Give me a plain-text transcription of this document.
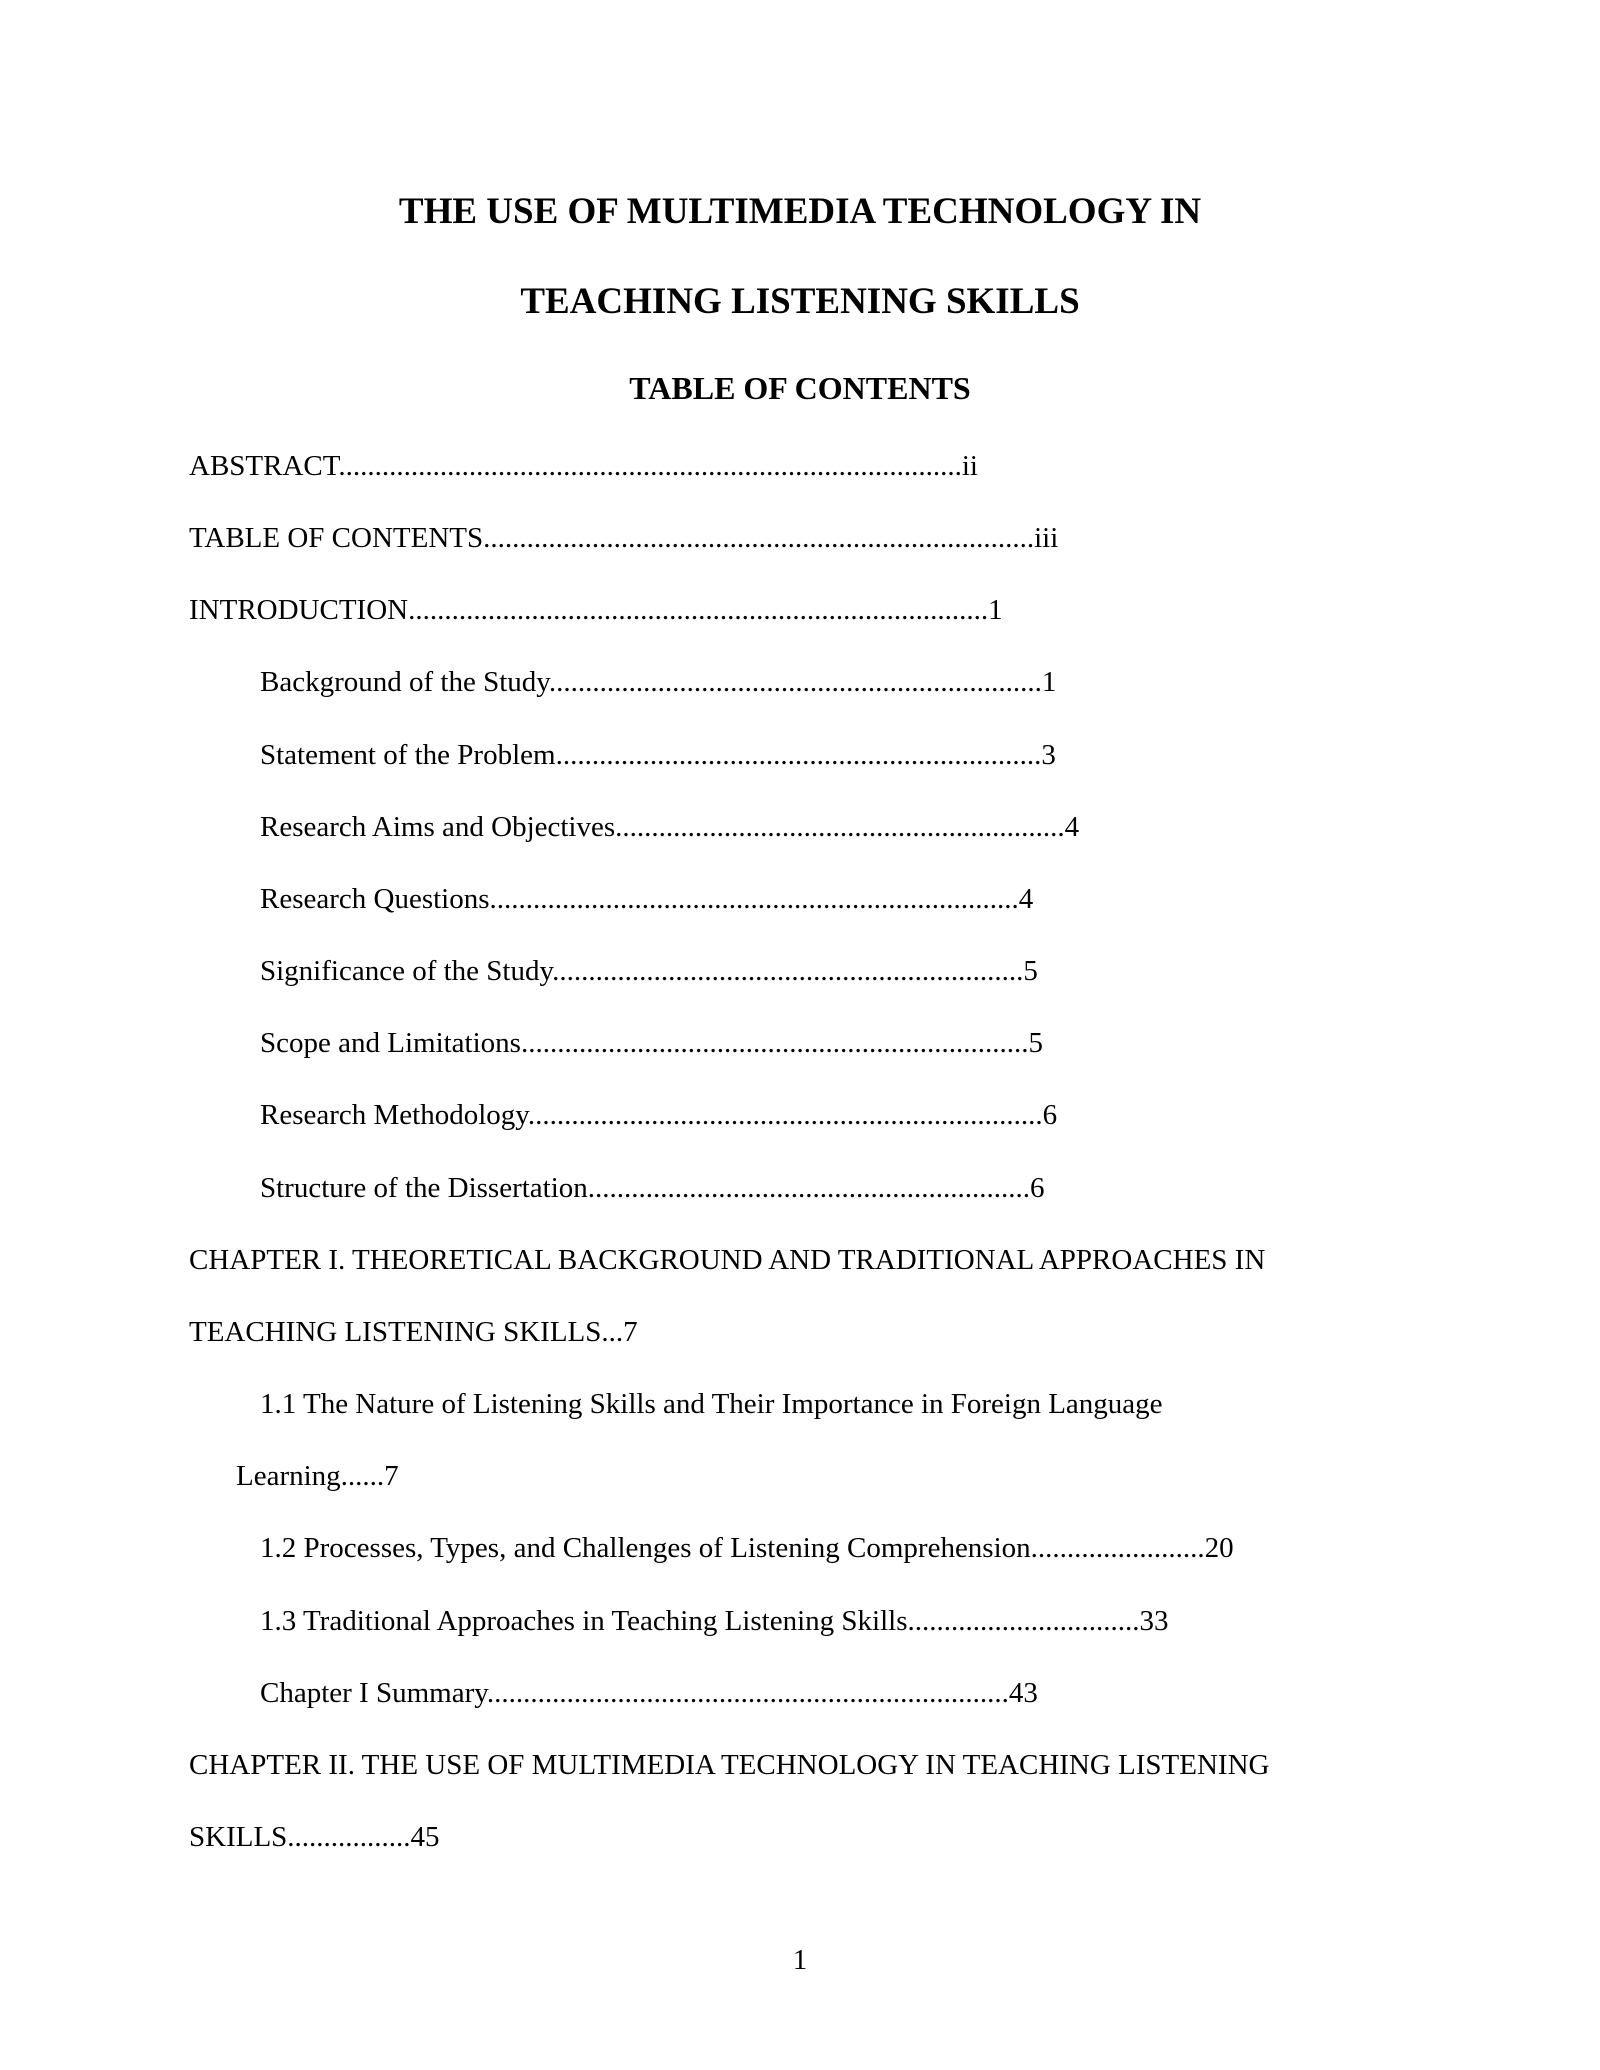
THE USE OF MULTIMEDIA TECHNOLOGY IN
TEACHING LISTENING SKILLS
TABLE OF CONTENTS

ABSTRACT......................................................................................ii

TABLE OF CONTENTS............................................................................iii

INTRODUCTION................................................................................1

Background of the Study....................................................................1

Statement of the Problem...................................................................3

Research Aims and Objectives..............................................................4

Research Questions.........................................................................4

Significance of the Study.................................................................5

Scope and Limitations......................................................................5

Research Methodology.......................................................................6

Structure of the Dissertation.............................................................6

CHAPTER I. THEORETICAL BACKGROUND AND TRADITIONAL APPROACHES IN

TEACHING LISTENING SKILLS...7

1.1 The Nature of Listening Skills and Their Importance in Foreign Language

Learning......7

1.2 Processes, Types, and Challenges of Listening Comprehension........................20

1.3 Traditional Approaches in Teaching Listening Skills................................33

Chapter I Summary........................................................................43

CHAPTER II. THE USE OF MULTIMEDIA TECHNOLOGY IN TEACHING LISTENING

SKILLS.................45

1
